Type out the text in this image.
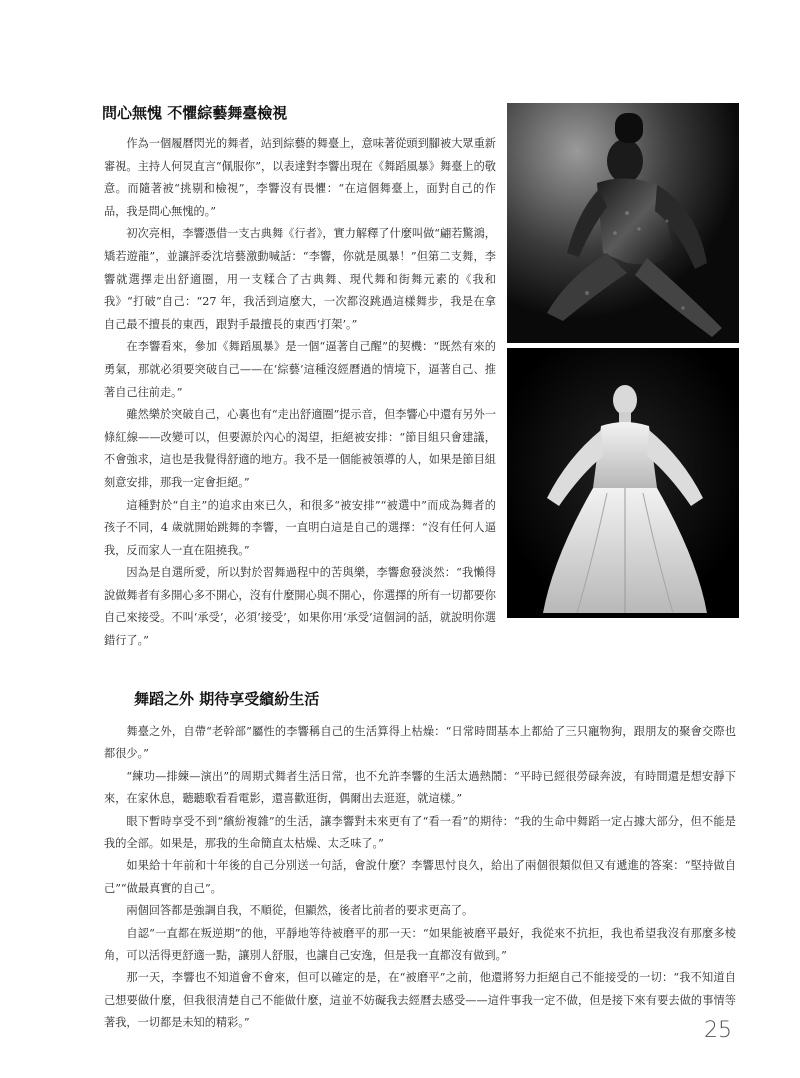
問心無愧 不懼綜藝舞臺檢視

作為一個履曆閃光的舞者，站到綜藝的舞臺上，意味著從頭到腳被大眾重新審視。主持人何炅直言“佩服你”，以表達對李響出現在《舞蹈風暴》舞臺上的敬意。而隨著被“挑剔和檢視”，李響沒有畏懼：“在這個舞臺上，面對自己的作品，我是問心無愧的。”

初次亮相，李響憑借一支古典舞《行者》，實力解釋了什麼叫做“翩若驚鴻，矯若遊龍”，並讓評委沈培藝激動喊話：“李響，你就是風暴！”但第二支舞，李響就選擇走出舒適圈，用一支糅合了古典舞、現代舞和街舞元素的《我和我》“打破”自己：“27 年，我活到這麼大，一次都沒跳過這樣舞步，我是在拿自己最不擅長的東西，跟對手最擅長的東西‘打架’。”

在李響看來，參加《舞蹈風暴》是一個“逼著自己醒”的契機：“既然有來的勇氣，那就必須要突破自己——在‘綜藝’這種沒經曆過的情境下，逼著自己、推著自己往前走。”

雖然樂於突破自己，心裏也有“走出舒適圈”提示音，但李響心中還有另外一條紅線——改變可以，但要源於內心的渴望，拒絕被安排：“節目組只會建議，不會強求，這也是我覺得舒適的地方。我不是一個能被領導的人，如果是節目組刻意安排，那我一定會拒絕。”

這種對於“自主”的追求由來已久，和很多“被安排”“被選中”而成為舞者的孩子不同，4 歲就開始跳舞的李響，一直明白這是自己的選擇：“沒有任何人逼我，反而家人一直在阻撓我。”

因為是自選所愛，所以對於習舞過程中的苦與樂，李響愈發淡然：“我懶得說做舞者有多開心多不開心，沒有什麼開心與不開心，你選擇的所有一切都要你自己來接受。不叫‘承受’，必須‘接受’，如果你用‘承受’這個詞的話，就說明你選錯行了。”

舞蹈之外 期待享受繽紛生活

舞臺之外，自帶“老幹部”屬性的李響稱自己的生活算得上枯燥：“日常時間基本上都給了三只寵物狗，跟朋友的聚會交際也都很少。”

“練功—排練—演出”的周期式舞者生活日常，也不允許李響的生活太過熱鬧：“平時已經很勞碌奔波，有時間還是想安靜下來，在家休息，聽聽歌看看電影，還喜歡逛街，偶爾出去逛逛，就這樣。”

眼下暫時享受不到“繽紛複雜”的生活，讓李響對未來更有了“看一看”的期待：“我的生命中舞蹈一定占據大部分，但不能是我的全部。如果是，那我的生命簡直太枯燥、太乏味了。”

如果給十年前和十年後的自己分別送一句話，會說什麼？李響思忖良久，給出了兩個很類似但又有遞進的答案：“堅持做自己”“做最真實的自己”。

兩個回答都是強調自我，不順從，但顯然，後者比前者的要求更高了。

自認“一直都在叛逆期”的他，平靜地等待被磨平的那一天：“如果能被磨平最好，我從來不抗拒，我也希望我沒有那麼多棱角，可以活得更舒適一點，讓別人舒服，也讓自己安逸，但是我一直都沒有做到。”

那一天，李響也不知道會不會來，但可以確定的是，在“被磨平”之前，他還將努力拒絕自己不能接受的一切：“我不知道自己想要做什麼，但我很清楚自己不能做什麼，這並不妨礙我去經曆去感受——這件事我一定不做，但是接下來有要去做的事情等著我，一切都是未知的精彩。”	25
